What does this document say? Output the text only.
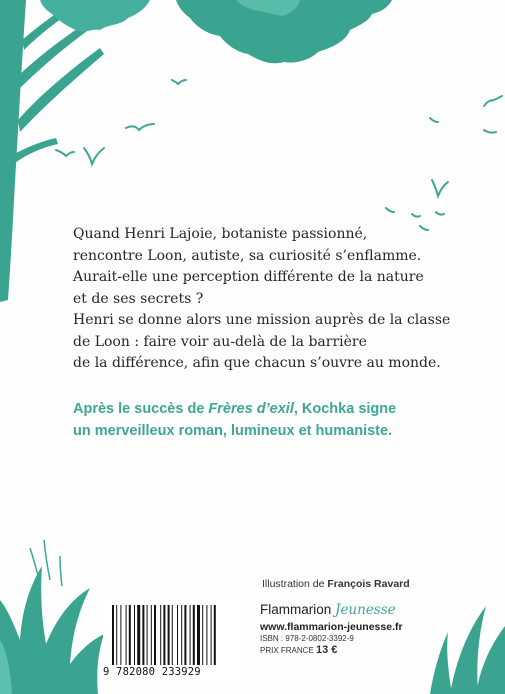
Quand Henri Lajoie, botaniste passionné,
rencontre Loon, autiste, sa curiosité s’enflamme.
Aurait-elle une perception différente de la nature
et de ses secrets ?
Henri se donne alors une mission auprès de la classe
de Loon : faire voir au-delà de la barrière
de la différence, afin que chacun s’ouvre au monde.

Après le succès de Frères d’exil, Kochka signe
un merveilleux roman, lumineux et humaniste.

Illustration de François Ravard
9 782080 233929
Flammarion Jeunesse
www.flammarion-jeunesse.fr
ISBN : 978-2-0802-3392-9
PRIX FRANCE 13 €
